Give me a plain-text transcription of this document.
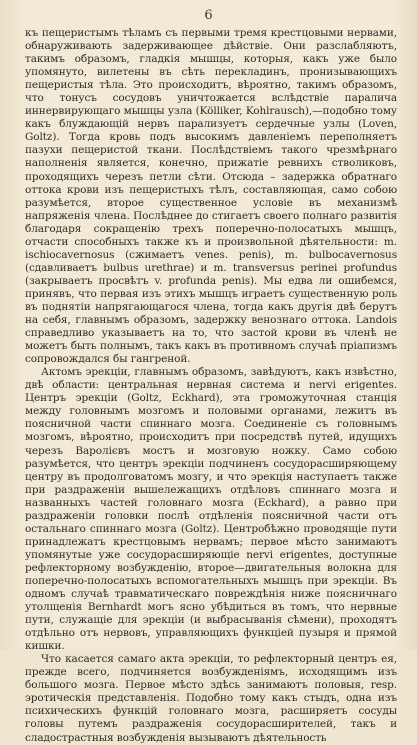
6

къ пещеристымъ тѣламъ съ первыми тремя крестцовыми нервами, обнаруживають задерживающее дѣйствіе. Они разслабляютъ, такимъ образомъ, гладкія мышцы, которыя, какъ уже было упомянуто, вилетены въ сѣть перекладинъ, пронизывающихъ пещеристыя тѣла. Это происходитъ, вѣроятно, такимъ образомъ, что тонусъ сосудовъ уничтожается вслѣдствіе паралича иннервирующаго мышцы узла (Kölliker, Kohlrausch),—подобно тому какъ блуждающій нервъ парализуетъ сердечные узлы (Loven, Goltz). Тогда кровь подъ высокимъ давленіемъ переполняетъ пазухи пещеристой ткани. Послѣдствіемъ такого чрезмѣрнаго наполненія является, конечно, прижатіе ревнихъ стволиковъ, проходящихъ черезъ петли сѣти. Отсюда – задержка обратнаго оттока крови изъ пещеристыхъ тѣлъ, составляющая, само собою разумѣется, второе существенное условіе въ механизмѣ напряженія члена. Послѣднее до стигаетъ своего полнаго развитія благодаря сокращенію трехъ поперечно-полосатыхъ мышцъ, отчасти способныхъ также къ и произвольной дѣятельности: m. ischiocavernosus (сжимаетъ venes. penis), m. bulbocavernosus (сдавливаетъ bulbus urethrae) и m. transversus perinei profundus (закрываетъ просвѣтъ v. profunda penis). Мы едва ли ошибемся, принявъ, что первая изъ этихъ мышцъ играетъ существенную роль въ поднятіи напрягающагося члена, тогда какъ другія двѣ берутъ на себя, главнымъ образомъ, задержку венознаго оттока. Landois справедливо указываетъ на то, что застой крови въ членѣ не можетъ быть полнымъ, такъ какъ въ противномъ случаѣ пріапизмъ сопровождался бы гангреной.

Актомъ эрекціи, главнымъ образомъ, завѣдуютъ, какъ извѣстно, двѣ области: центральная нервная система и nervi erigentes. Центръ эрекціи (Goltz, Eckhard), эта громожуточная станція между головнымъ мозгомъ и половыми органами, лежитъ въ поясничной части спиннаго мозга. Соединеніе съ головнымъ мозгомъ, вѣроятно, происходитъ при посредствѣ путей, идущихъ черезъ Варолієвъ мостъ и мозговую ножку. Само собою разумѣется, что центръ эрекціи подчиненъ сосудорасширяющему центру въ продолговатомъ мозгу, и что эрекція наступаетъ также при раздраженіи вышележащихъ отдѣловъ спиннаго мозга и названныхъ частей головнаго мозга (Eckhard), а равно при раздраженіи головки послѣ отдѣленія поясничной части отъ остальнаго спиннаго мозга (Goltz). Центробѣжно проводящіе пути принадлежатъ крестцовымъ нервамъ; первое мѣсто занимаютъ упомянутые уже сосудорасширяющіе nervi erigentes, доступные рефлекторному возбужденію, второе—двигательныя волокна для поперечно-полосатыхъ вспомогательныхъ мышцъ при эрекціи. Въ одномъ случаѣ травматическаго повреждѣнія ниже поясничнаго утолщенія Bernhardt могъ ясно убѣдиться въ томъ, что нервные пути, служащіе для эрекціи (и выбрасыванія сѣмени), проходятъ отдѣльно отъ нервовъ, управляющихъ функціей пузыря и прямой кишки.

Что касается самаго акта эрекціи, то рефлекторный центръ ея, прежде всего, подчиняется возбужденіямъ, исходящимъ изъ большого мозга. Первое мѣсто здѣсь занимаютъ половыя, resp. эротическія представленія. Подобно тому какъ стыдъ, одна изъ психическихъ функцій головнаго мозга, расширяетъ сосуды головы путемъ раздраженія сосудорасширителей, такъ и сладострастныя возбужденія вызываютъ дѣятельность
